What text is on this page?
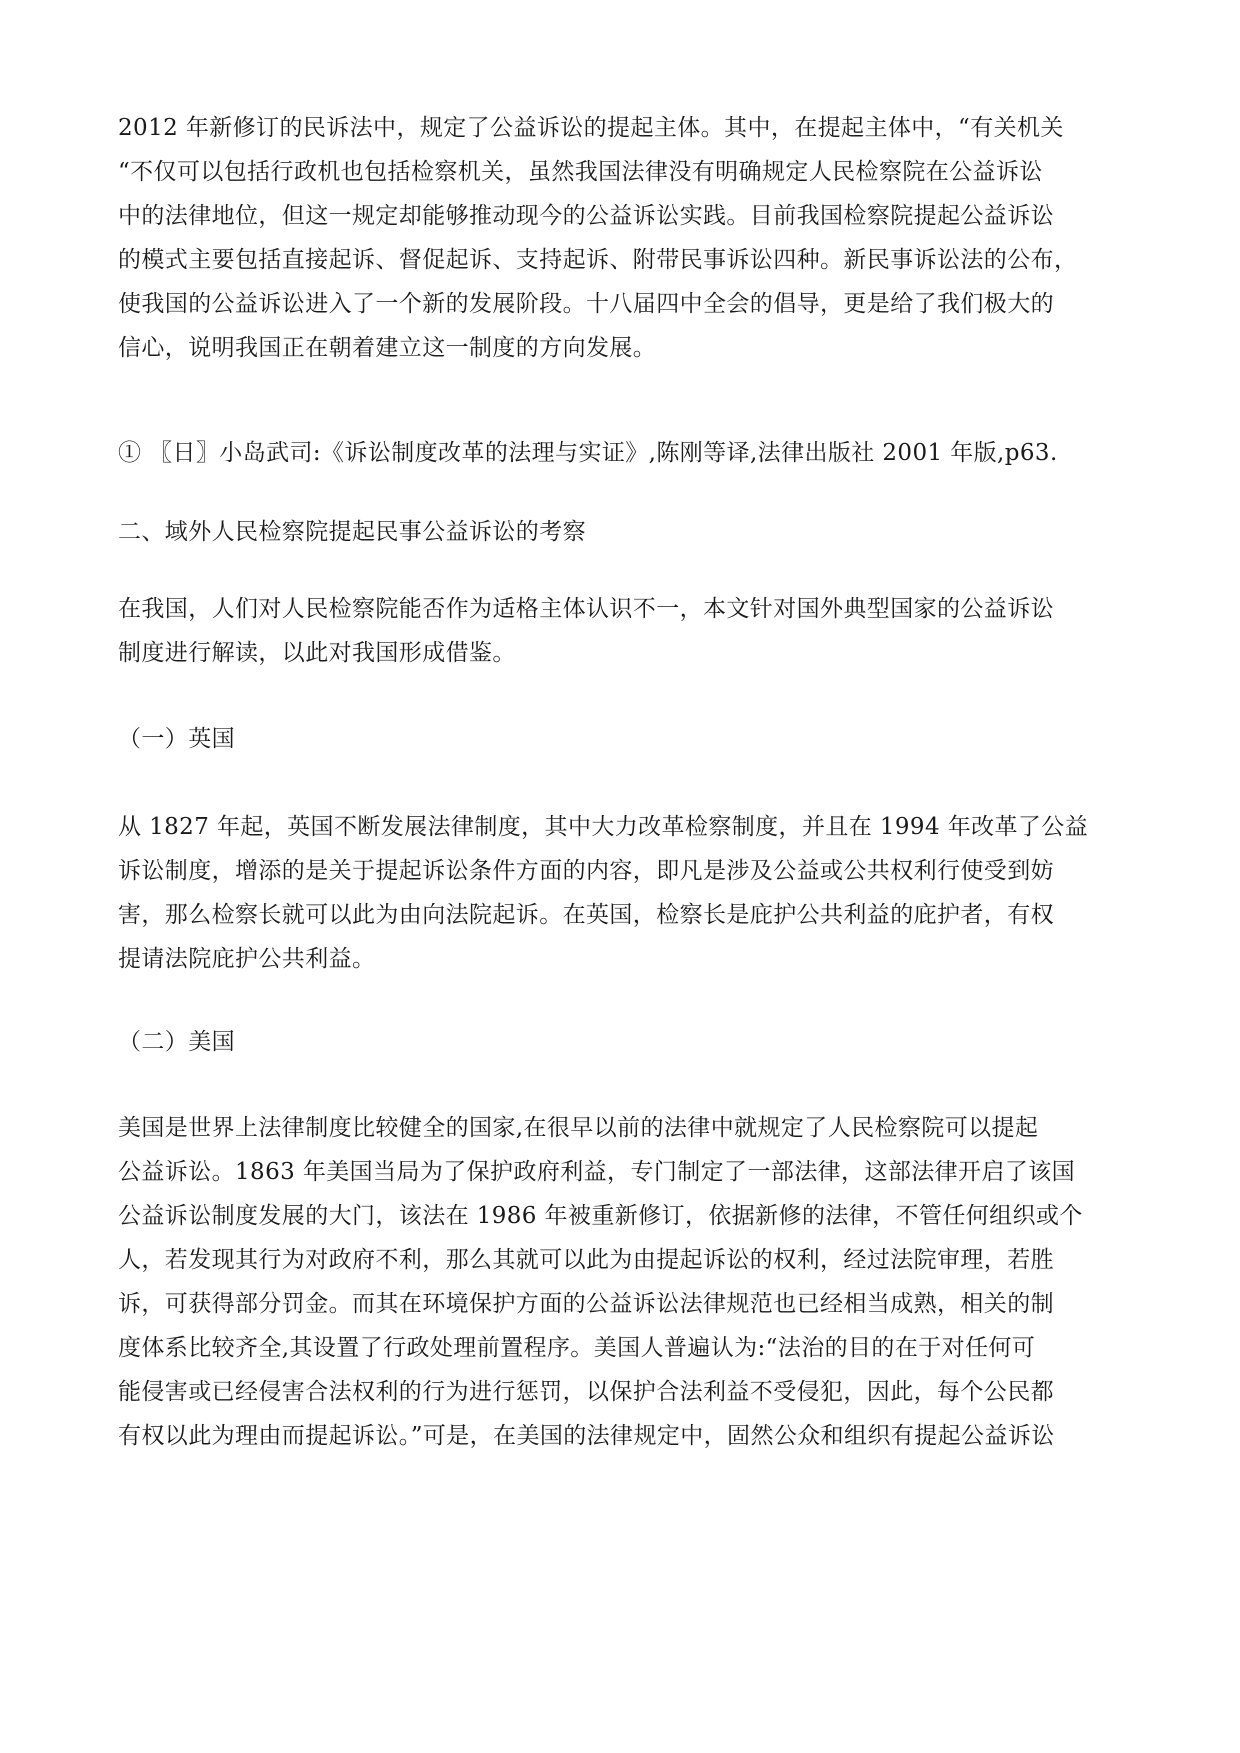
2012 年新修订的民诉法中，规定了公益诉讼的提起主体。其中，在提起主体中，“有关机关
“不仅可以包括行政机也包括检察机关，虽然我国法律没有明确规定人民检察院在公益诉讼
中的法律地位，但这一规定却能够推动现今的公益诉讼实践。目前我国检察院提起公益诉讼
的模式主要包括直接起诉、督促起诉、支持起诉、附带民事诉讼四种。新民事诉讼法的公布，
使我国的公益诉讼进入了一个新的发展阶段。十八届四中全会的倡导，更是给了我们极大的
信心，说明我国正在朝着建立这一制度的方向发展。
① 〖日〗小岛武司:《诉讼制度改革的法理与实证》,陈刚等译,法律出版社 2001 年版,p63.
二、域外人民检察院提起民事公益诉讼的考察
在我国，人们对人民检察院能否作为适格主体认识不一，本文针对国外典型国家的公益诉讼
制度进行解读，以此对我国形成借鉴。
（一）英国
从 1827 年起，英国不断发展法律制度，其中大力改革检察制度，并且在 1994 年改革了公益
诉讼制度，增添的是关于提起诉讼条件方面的内容，即凡是涉及公益或公共权利行使受到妨
害，那么检察长就可以此为由向法院起诉。在英国，检察长是庇护公共利益的庇护者，有权
提请法院庇护公共利益。
（二）美国
美国是世界上法律制度比较健全的国家,在很早以前的法律中就规定了人民检察院可以提起
公益诉讼。1863 年美国当局为了保护政府利益，专门制定了一部法律，这部法律开启了该国
公益诉讼制度发展的大门，该法在 1986 年被重新修订，依据新修的法律，不管任何组织或个
人，若发现其行为对政府不利，那么其就可以此为由提起诉讼的权利，经过法院审理，若胜
诉，可获得部分罚金。而其在环境保护方面的公益诉讼法律规范也已经相当成熟，相关的制
度体系比较齐全,其设置了行政处理前置程序。美国人普遍认为:“法治的目的在于对任何可
能侵害或已经侵害合法权利的行为进行惩罚，以保护合法利益不受侵犯，因此，每个公民都
有权以此为理由而提起诉讼。”可是，在美国的法律规定中，固然公众和组织有提起公益诉讼
